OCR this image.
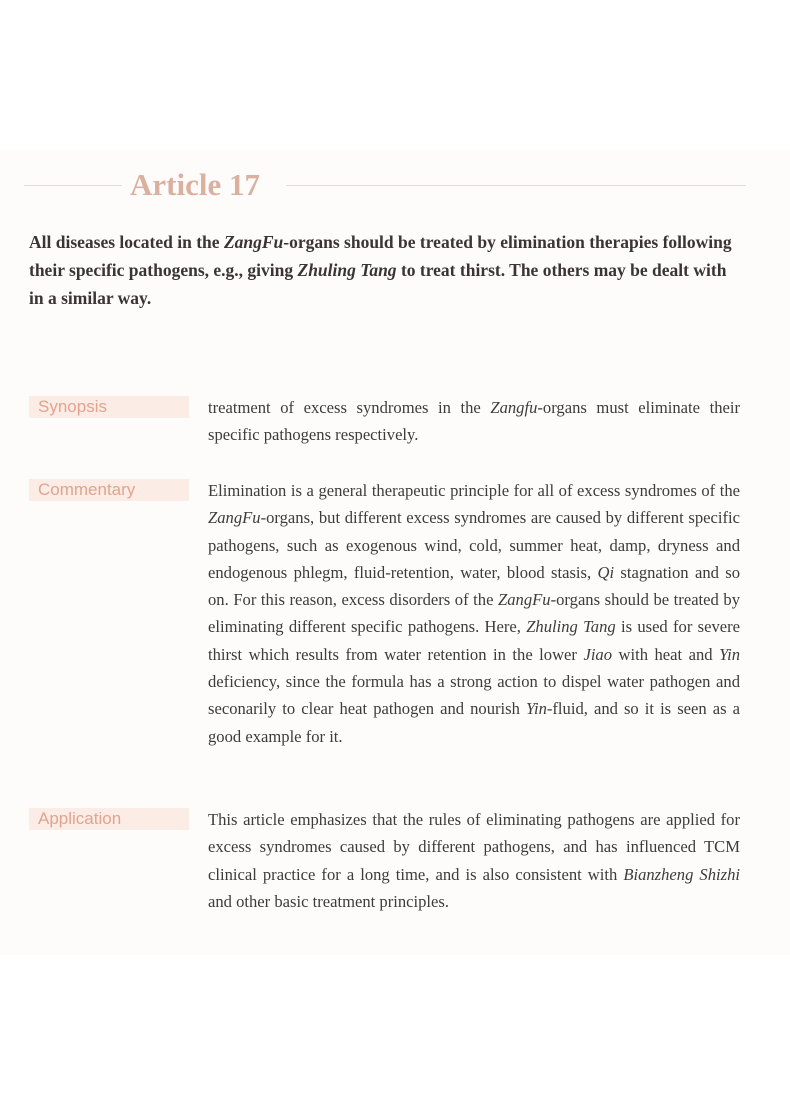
Article 17
All diseases located in the ZangFu-organs should be treated by elimination therapies following their specific pathogens, e.g., giving Zhuling Tang to treat thirst. The others may be dealt with in a similar way.
Synopsis	treatment of excess syndromes in the Zangfu-organs must eliminate their specific pathogens respectively.
Commentary	Elimination is a general therapeutic principle for all of excess syndromes of the ZangFu-organs, but different excess syndromes are caused by different specific pathogens, such as exogenous wind, cold, summer heat, damp, dryness and endogenous phlegm, fluid-retention, water, blood stasis, Qi stagnation and so on. For this reason, excess disorders of the ZangFu-organs should be treated by eliminating different specific pathogens. Here, Zhuling Tang is used for severe thirst which results from water retention in the lower Jiao with heat and Yin deficiency, since the formula has a strong action to dispel water pathogen and seconarily to clear heat pathogen and nourish Yin-fluid, and so it is seen as a good example for it.
Application	This article emphasizes that the rules of eliminating pathogens are applied for excess syndromes caused by different pathogens, and has influenced TCM clinical practice for a long time, and is also consistent with Bianzheng Shizhi and other basic treatment principles.
